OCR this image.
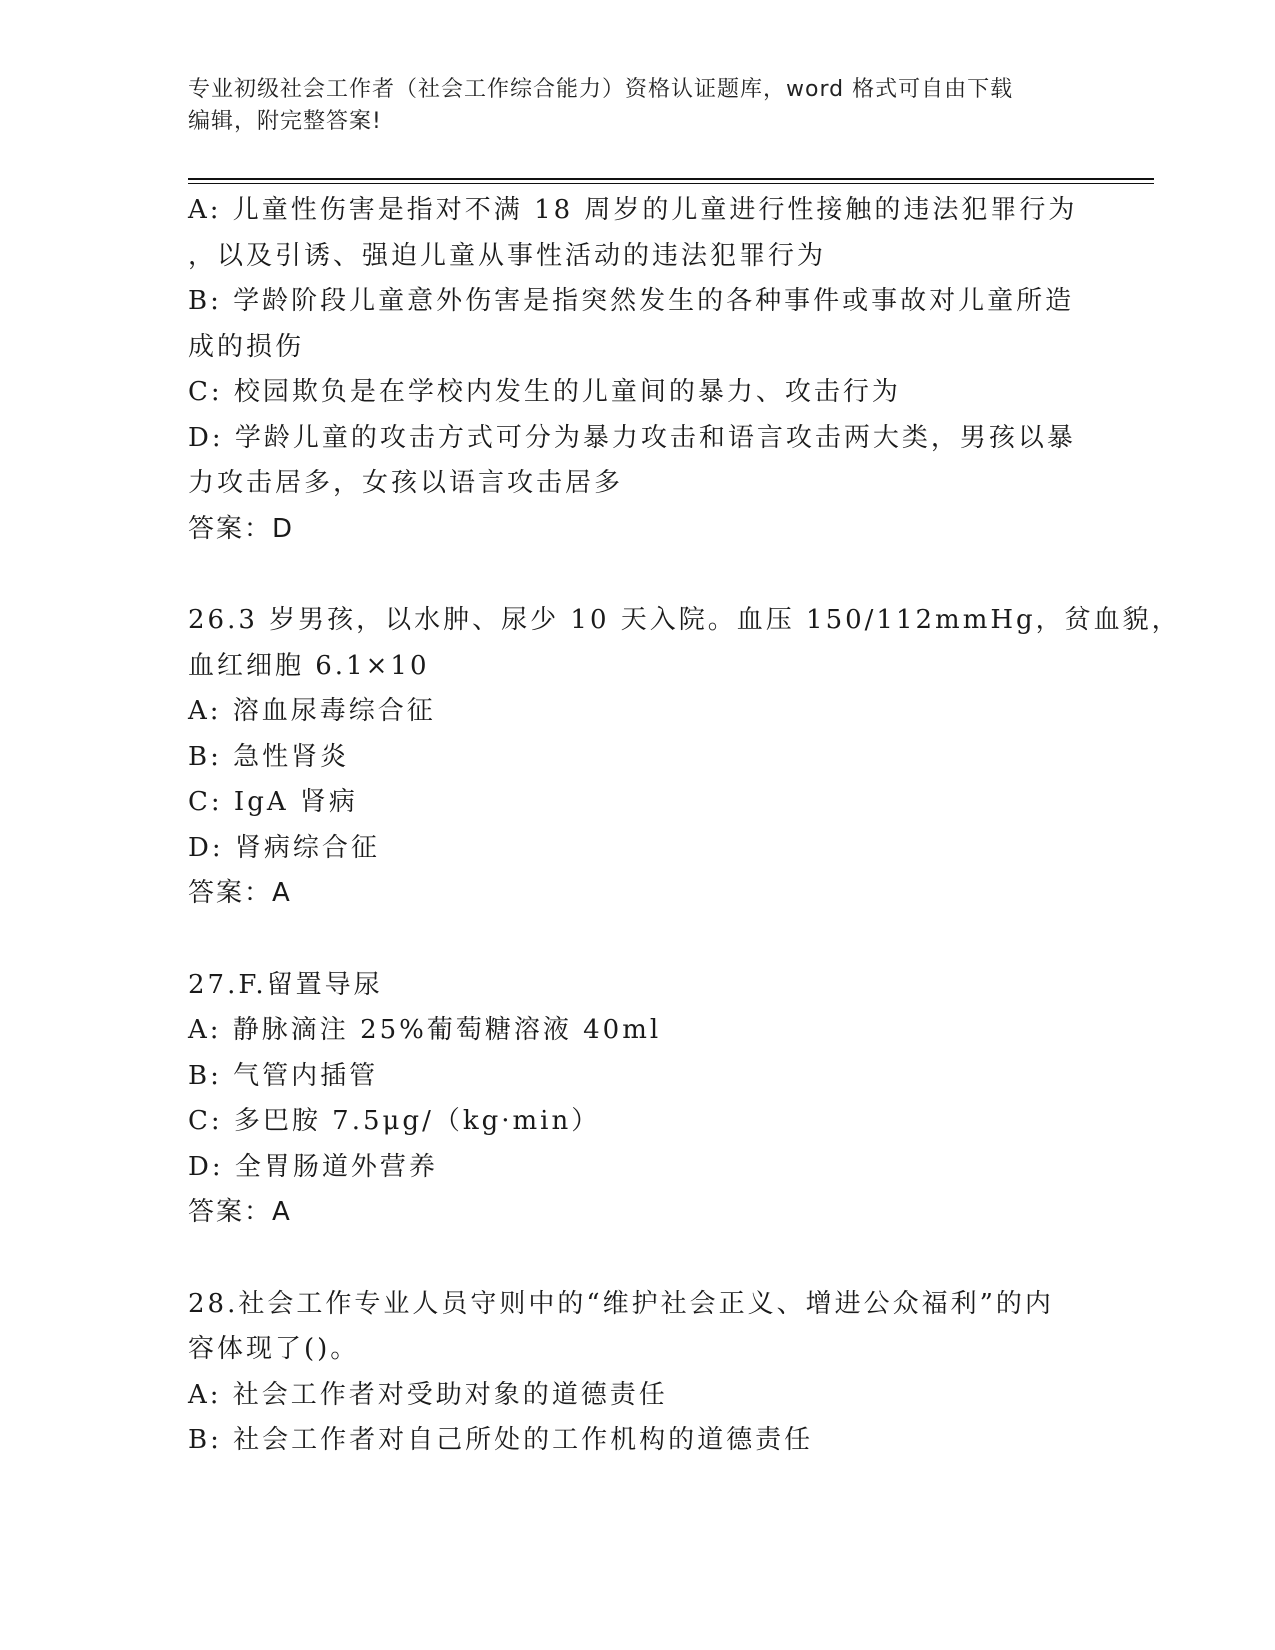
专业初级社会工作者（社会工作综合能力）资格认证题库，word 格式可自由下载
编辑，附完整答案!
A: 儿童性伤害是指对不满 18 周岁的儿童进行性接触的违法犯罪行为
，以及引诱、强迫儿童从事性活动的违法犯罪行为
B: 学龄阶段儿童意外伤害是指突然发生的各种事件或事故对儿童所造
成的损伤
C: 校园欺负是在学校内发生的儿童间的暴力、攻击行为
D: 学龄儿童的攻击方式可分为暴力攻击和语言攻击两大类，男孩以暴
力攻击居多，女孩以语言攻击居多
答案：D
26.3 岁男孩，以水肿、尿少 10 天入院。血压 150/112mmHg，贫血貌，
血红细胞 6.1×10
A: 溶血尿毒综合征
B: 急性肾炎
C: IgA 肾病
D: 肾病综合征
答案：A
27.F.留置导尿
A: 静脉滴注 25%葡萄糖溶液 40ml
B: 气管内插管
C: 多巴胺 7.5μg/（kg·min）
D: 全胃肠道外营养
答案：A
28.社会工作专业人员守则中的“维护社会正义、增进公众福利”的内
容体现了()。
A: 社会工作者对受助对象的道德责任
B: 社会工作者对自己所处的工作机构的道德责任
